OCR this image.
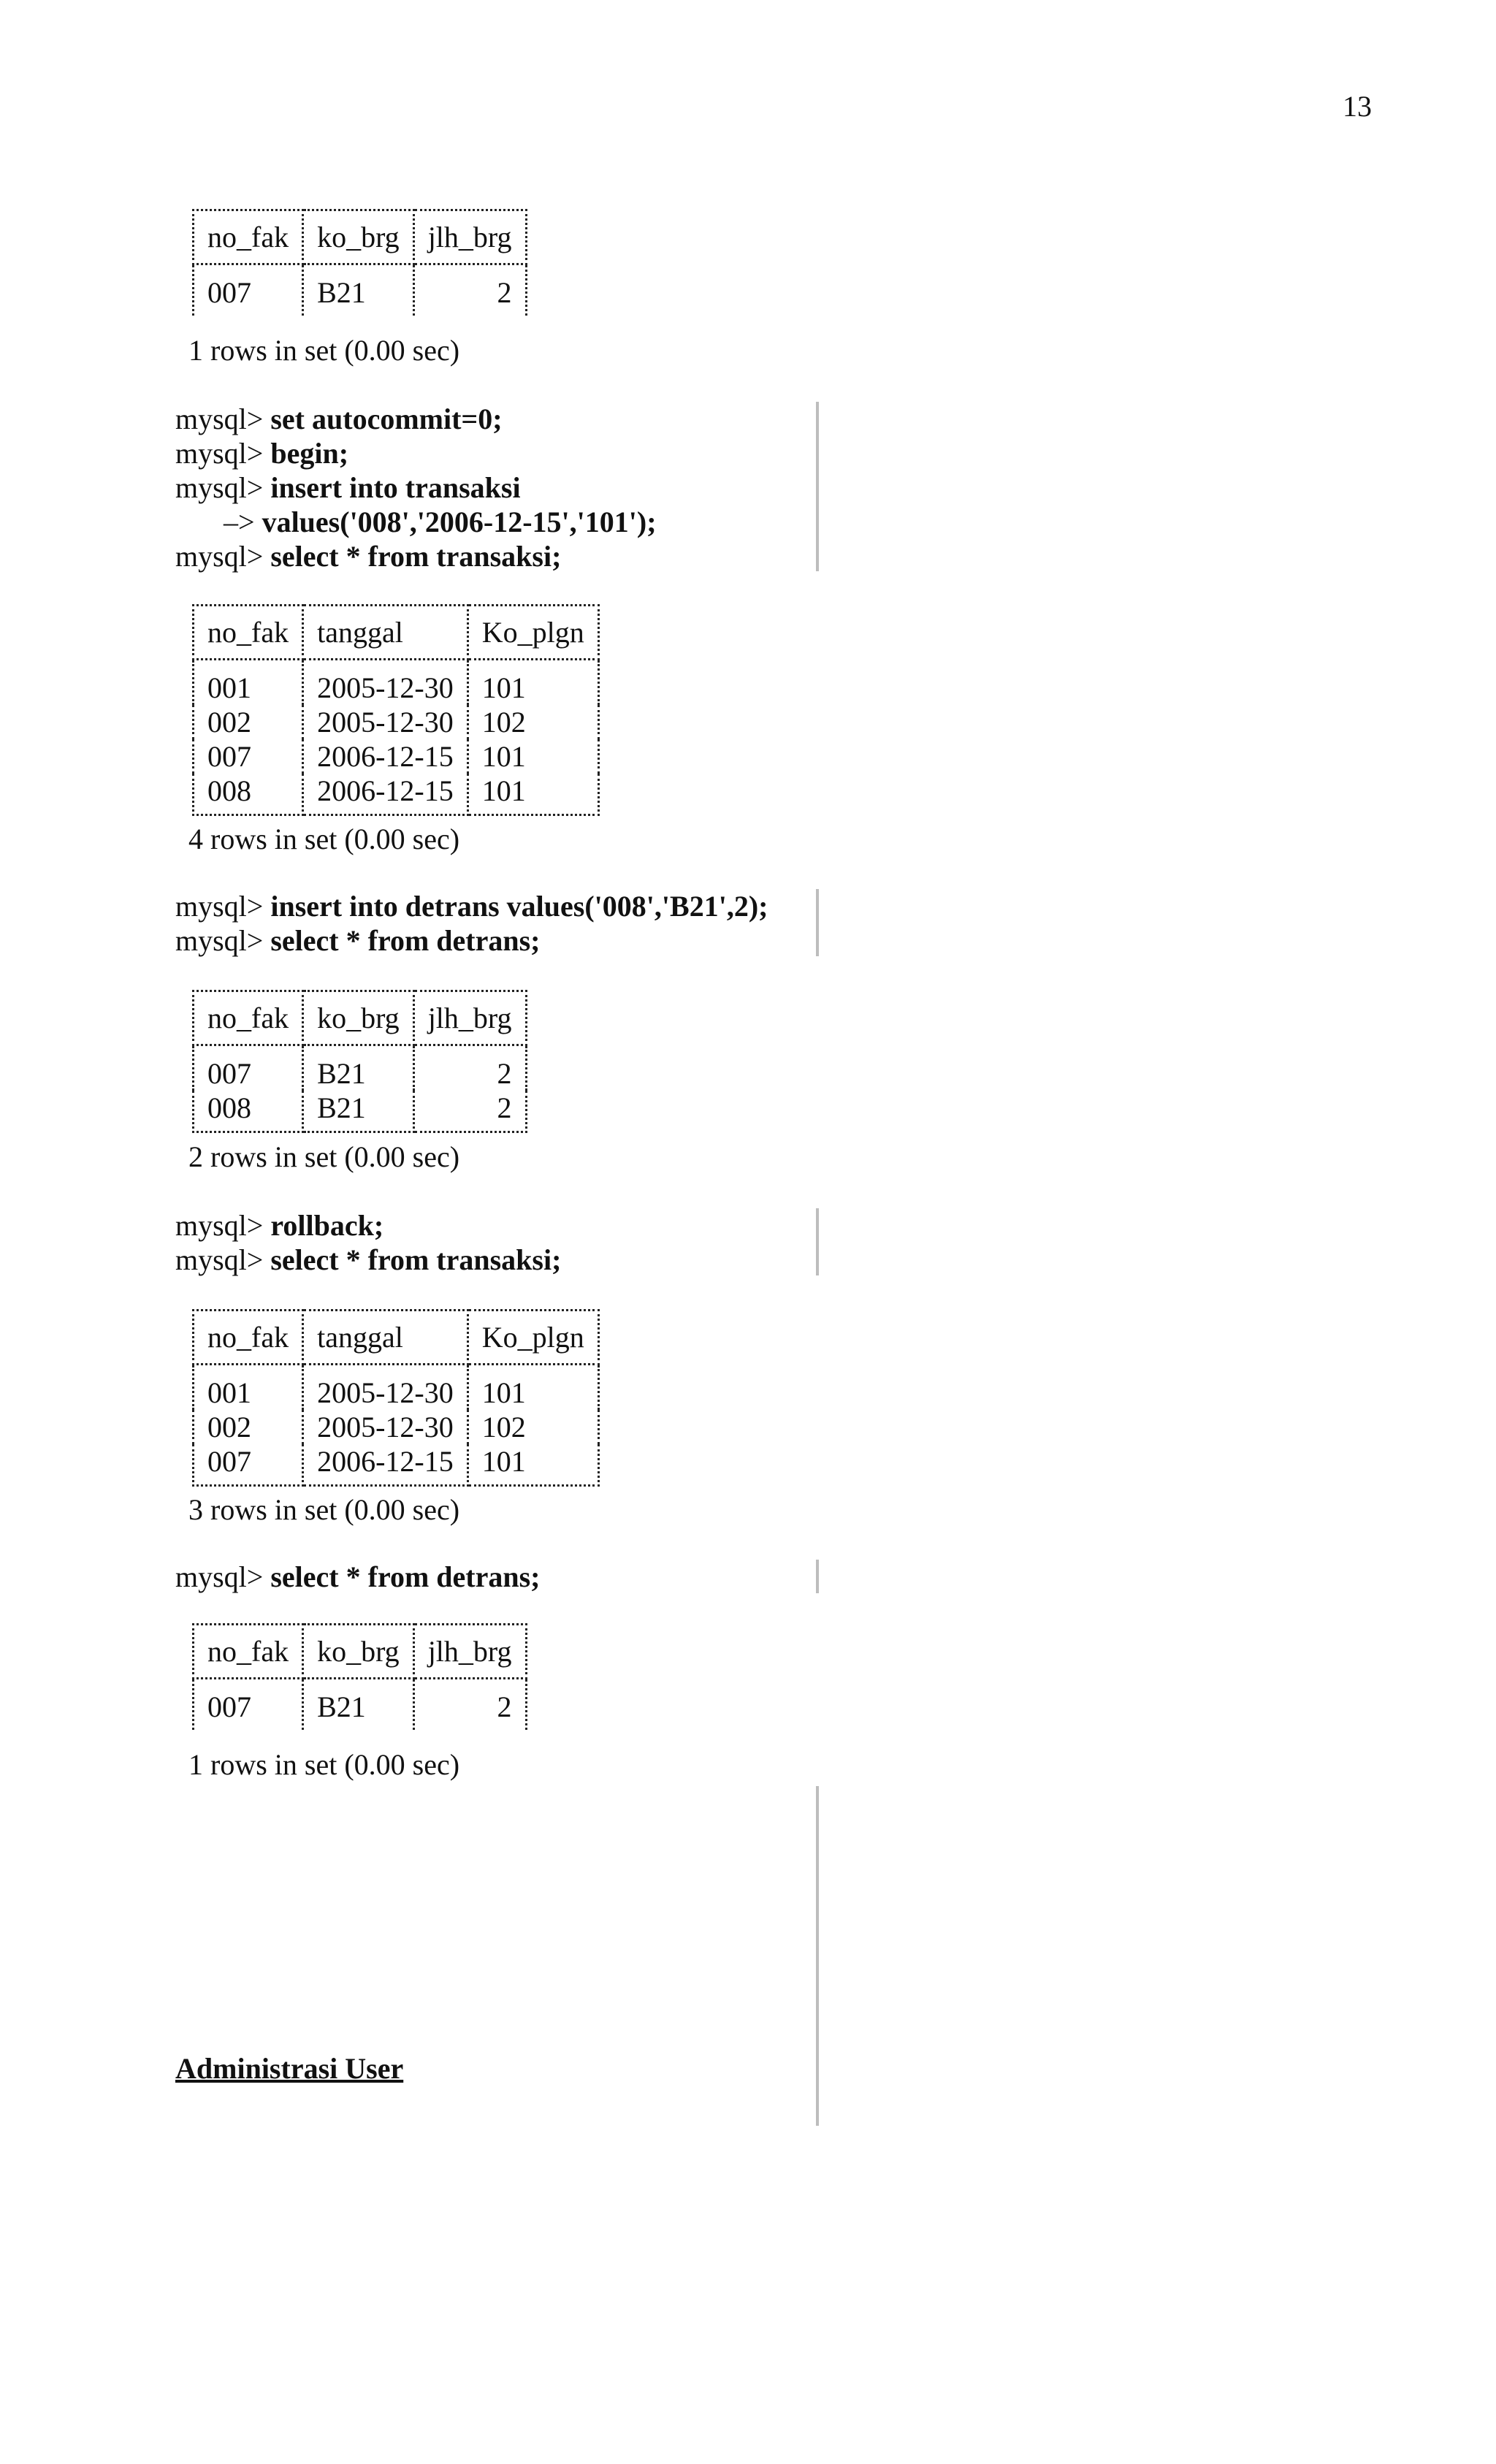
13
no_fak	ko_brg	jlh_brg
007	B21	2
1 rows in set (0.00 sec)
mysql> set autocommit=0;
mysql> begin;
mysql> insert into transaksi
–> values('008','2006-12-15','101');
mysql> select * from transaksi;
no_fak	tanggal	Ko_plgn
001	2005-12-30	101
002	2005-12-30	102
007	2006-12-15	101
008	2006-12-15	101
4 rows in set (0.00 sec)
mysql> insert into detrans values('008','B21',2);
mysql> select * from detrans;
no_fak	ko_brg	jlh_brg
007	B21	2
008	B21	2
2 rows in set (0.00 sec)
mysql> rollback;
mysql> select * from transaksi;
no_fak	tanggal	Ko_plgn
001	2005-12-30	101
002	2005-12-30	102
007	2006-12-15	101
3 rows in set (0.00 sec)
mysql> select * from detrans;
no_fak	ko_brg	jlh_brg
007	B21	2
1 rows in set (0.00 sec)
Administrasi User
